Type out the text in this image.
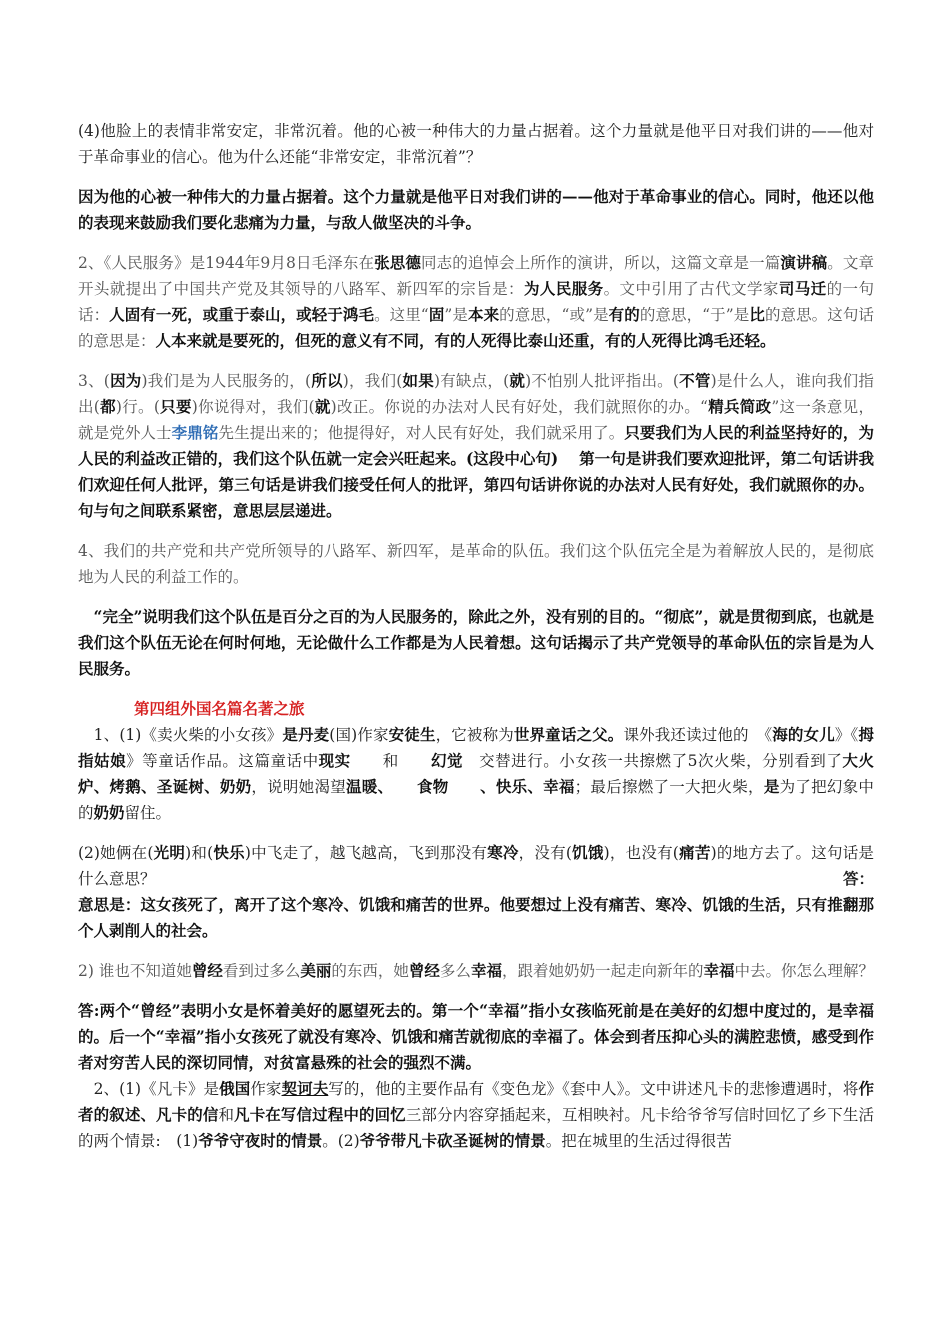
(4)他脸上的表情非常安定，非常沉着。他的心被一种伟大的力量占据着。这个力量就是他平日对我们讲的——他对于革命事业的信心。他为什么还能“非常安定，非常沉着”？

因为他的心被一种伟大的力量占据着。这个力量就是他平日对我们讲的——他对于革命事业的信心。同时，他还以他的表现来鼓励我们要化悲痛为力量，与敌人做坚决的斗争。

2、《人民服务》是1944年9月8日毛泽东在张思德同志的追悼会上所作的演讲，所以，这篇文章是一篇演讲稿。文章开头就提出了中国共产党及其领导的八路军、新四军的宗旨是：为人民服务。文中引用了古代文学家司马迁的一句话：人固有一死，或重于泰山，或轻于鸿毛。这里“固”是本来的意思，“或”是有的的意思，“于”是比的意思。这句话的意思是：人本来就是要死的，但死的意义有不同，有的人死得比泰山还重，有的人死得比鸿毛还轻。

3、(因为)我们是为人民服务的，(所以)，我们(如果)有缺点，(就)不怕别人批评指出。(不管)是什么人，谁向我们指出(都)行。(只要)你说得对，我们(就)改正。你说的办法对人民有好处，我们就照你的办。“精兵简政”这一条意见，就是党外人士李鼎铭先生提出来的；他提得好，对人民有好处，我们就采用了。只要我们为人民的利益坚持好的，为人民的利益改正错的，我们这个队伍就一定会兴旺起来。(这段中心句)　 第一句是讲我们要欢迎批评，第二句话讲我们欢迎任何人批评，第三句话是讲我们接受任何人的批评，第四句话讲你说的办法对人民有好处，我们就照你的办。句与句之间联系紧密，意思层层递进。

4、我们的共产党和共产党所领导的八路军、新四军，是革命的队伍。我们这个队伍完全是为着解放人民的，是彻底地为人民的利益工作的。

　“完全”说明我们这个队伍是百分之百的为人民服务的，除此之外，没有别的目的。“彻底”，就是贯彻到底，也就是我们这个队伍无论在何时何地，无论做什么工作都是为人民着想。这句话揭示了共产党领导的革命队伍的宗旨是为人民服务。

第四组外国名篇名著之旅

　1、(1)《卖火柴的小女孩》是丹麦(国)作家安徒生，它被称为世界童话之父。课外我还读过他的　《海的女儿》《拇指姑娘》等童话作品。这篇童话中现实　　和　　幻觉　交替进行。小女孩一共擦燃了5次火柴，分别看到了大火炉、烤鹅、圣诞树、奶奶，说明她渴望温暖、　　食物　　、快乐、幸福；最后擦燃了一大把火柴，是为了把幻象中的奶奶留住。

(2)她俩在(光明)和(快乐)中飞走了，越飞越高，飞到那没有寒冷，没有(饥饿)，也没有(痛苦)的地方去了。这句话是什么意思？	答：

意思是：这女孩死了，离开了这个寒冷、饥饿和痛苦的世界。他要想过上没有痛苦、寒冷、饥饿的生活，只有推翻那个人剥削人的社会。

2) 谁也不知道她曾经看到过多么美丽的东西，她曾经多么幸福，跟着她奶奶一起走向新年的幸福中去。你怎么理解？

答:两个“曾经”表明小女是怀着美好的愿望死去的。第一个“幸福”指小女孩临死前是在美好的幻想中度过的，是幸福的。后一个“幸福”指小女孩死了就没有寒冷、饥饿和痛苦就彻底的幸福了。体会到者压抑心头的满腔悲愤，感受到作者对穷苦人民的深切同情，对贫富悬殊的社会的强烈不满。

　2、(1)《凡卡》是俄国作家契诃夫写的，他的主要作品有《变色龙》《套中人》。文中讲述凡卡的悲惨遭遇时，将作者的叙述、凡卡的信和凡卡在写信过程中的回忆三部分内容穿插起来，互相映衬。凡卡给爷爷写信时回忆了乡下生活的两个情景:　(1)爷爷守夜时的情景。(2)爷爷带凡卡砍圣诞树的情景。把在城里的生活过得很苦
